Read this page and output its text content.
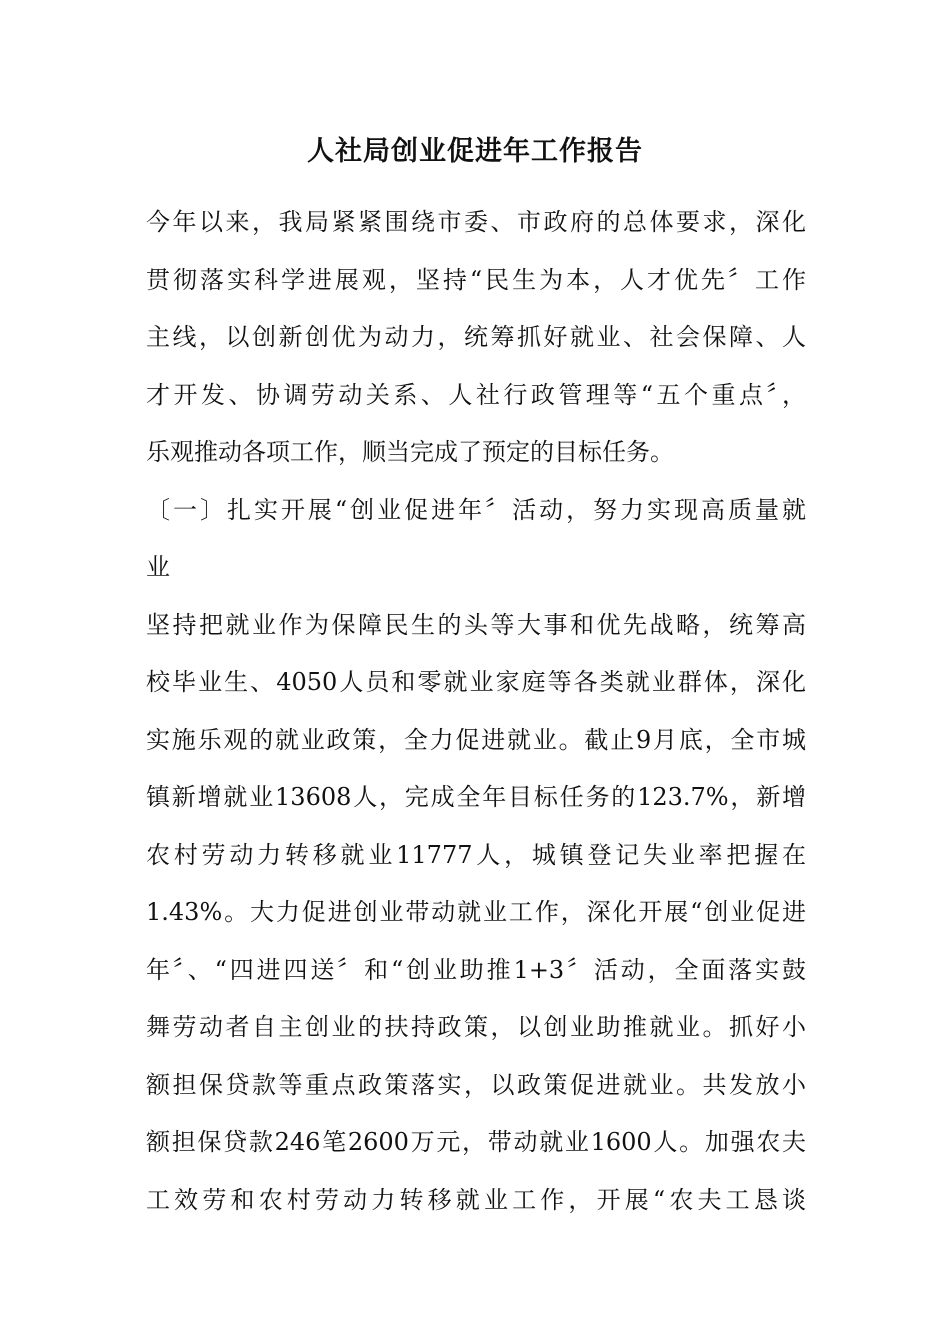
人社局创业促进年工作报告
今年以来，我局紧紧围绕市委、市政府的总体要求，深化
贯彻落实科学进展观，坚持“民生为本，人才优先〞工作
主线，以创新创优为动力，统筹抓好就业、社会保障、人
才开发、协调劳动关系、人社行政管理等“五个重点〞，
乐观推动各项工作，顺当完成了预定的目标任务。
〔一〕扎实开展“创业促进年〞活动，努力实现高质量就
业
坚持把就业作为保障民生的头等大事和优先战略，统筹高
校毕业生、4050人员和零就业家庭等各类就业群体，深化
实施乐观的就业政策，全力促进就业。截止9月底，全市城
镇新增就业13608人，完成全年目标任务的123.7%，新增
农村劳动力转移就业11777人，城镇登记失业率把握在
1.43%。大力促进创业带动就业工作，深化开展“创业促进
年〞、“四进四送〞和“创业助推1+3〞活动，全面落实鼓
舞劳动者自主创业的扶持政策，以创业助推就业。抓好小
额担保贷款等重点政策落实，以政策促进就业。共发放小
额担保贷款246笔2600万元，带动就业1600人。加强农夫
工效劳和农村劳动力转移就业工作，开展“农夫工恳谈
